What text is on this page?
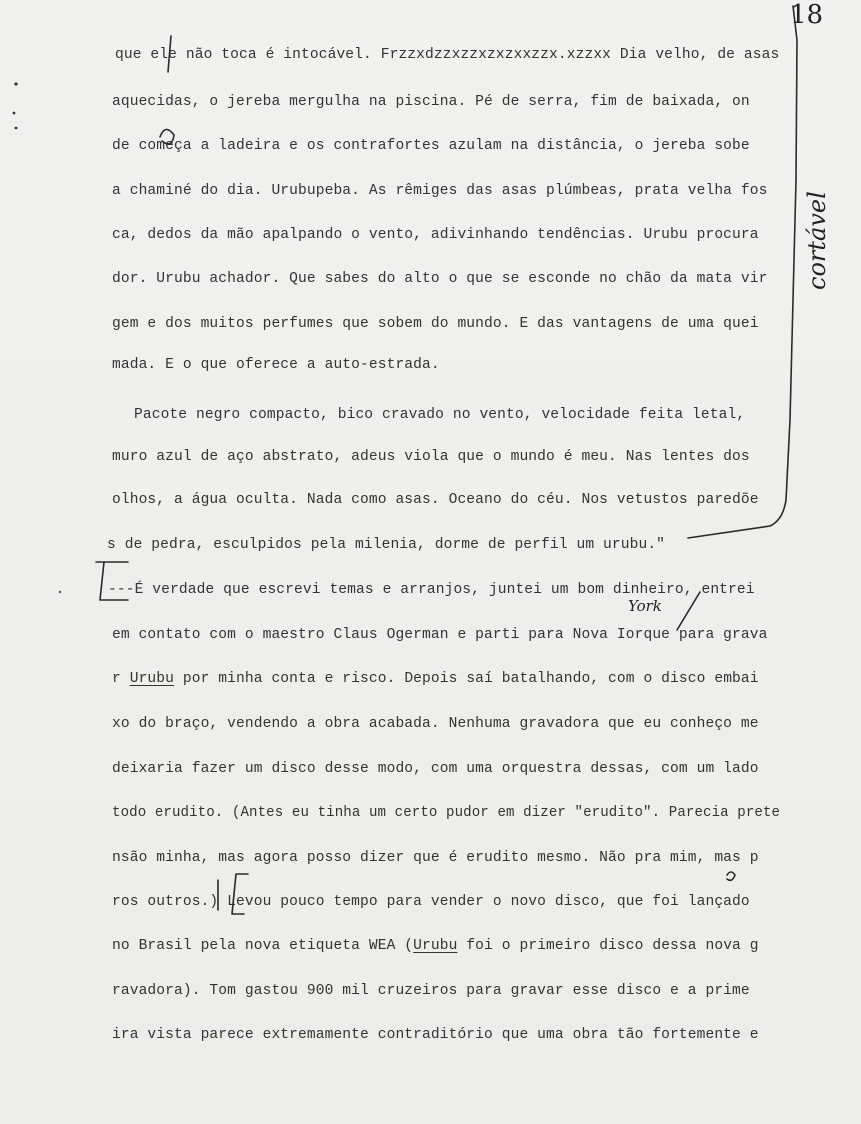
que ele não toca é intocável. Frzzxdzzxzzxzxzxxzzx.xzzxx Dia velho, de asas
aquecidas, o jereba mergulha na piscina. Pé de serra, fim de baixada, on
de começa a ladeira e os contrafortes azulam na distância, o jereba sobe
a chaminé do dia. Urubupeba. As rêmiges das asas plúmbeas, prata velha fos
ca, dedos da mão apalpando o vento, adivinhando tendências. Urubu procura
dor. Urubu achador. Que sabes do alto o que se esconde no chão da mata vir
gem e dos muitos perfumes que sobem do mundo. E das vantagens de uma quei
mada. E o que oferece a auto-estrada.
Pacote negro compacto, bico cravado no vento, velocidade feita letal,
muro azul de aço abstrato, adeus viola que o mundo é meu. Nas lentes dos
olhos, a água oculta. Nada como asas. Oceano do céu. Nos vetustos paredõe
s de pedra, esculpidos pela milenia, dorme de perfil um urubu."
---É verdade que escrevi temas e arranjos, juntei um bom dinheiro, entrei
em contato com o maestro Claus Ogerman e parti para Nova Iorque para grava
r Urubu por minha conta e risco. Depois saí batalhando, com o disco embai
xo do braço, vendendo a obra acabada. Nenhuma gravadora que eu conheço me
deixaria fazer um disco desse modo, com uma orquestra dessas, com um lado
todo erudito. (Antes eu tinha um certo pudor em dizer "erudito". Parecia prete
nsão minha, mas agora posso dizer que é erudito mesmo. Não pra mim, mas p
ros outros.) Levou pouco tempo para vender o novo disco, que foi lançado
no Brasil pela nova etiqueta WEA (Urubu foi o primeiro disco dessa nova g
ravadora). Tom gastou 900 mil cruzeiros para gravar esse disco e a prime
ira vista parece extremamente contraditório que uma obra tão fortemente e
18
cortável
York
